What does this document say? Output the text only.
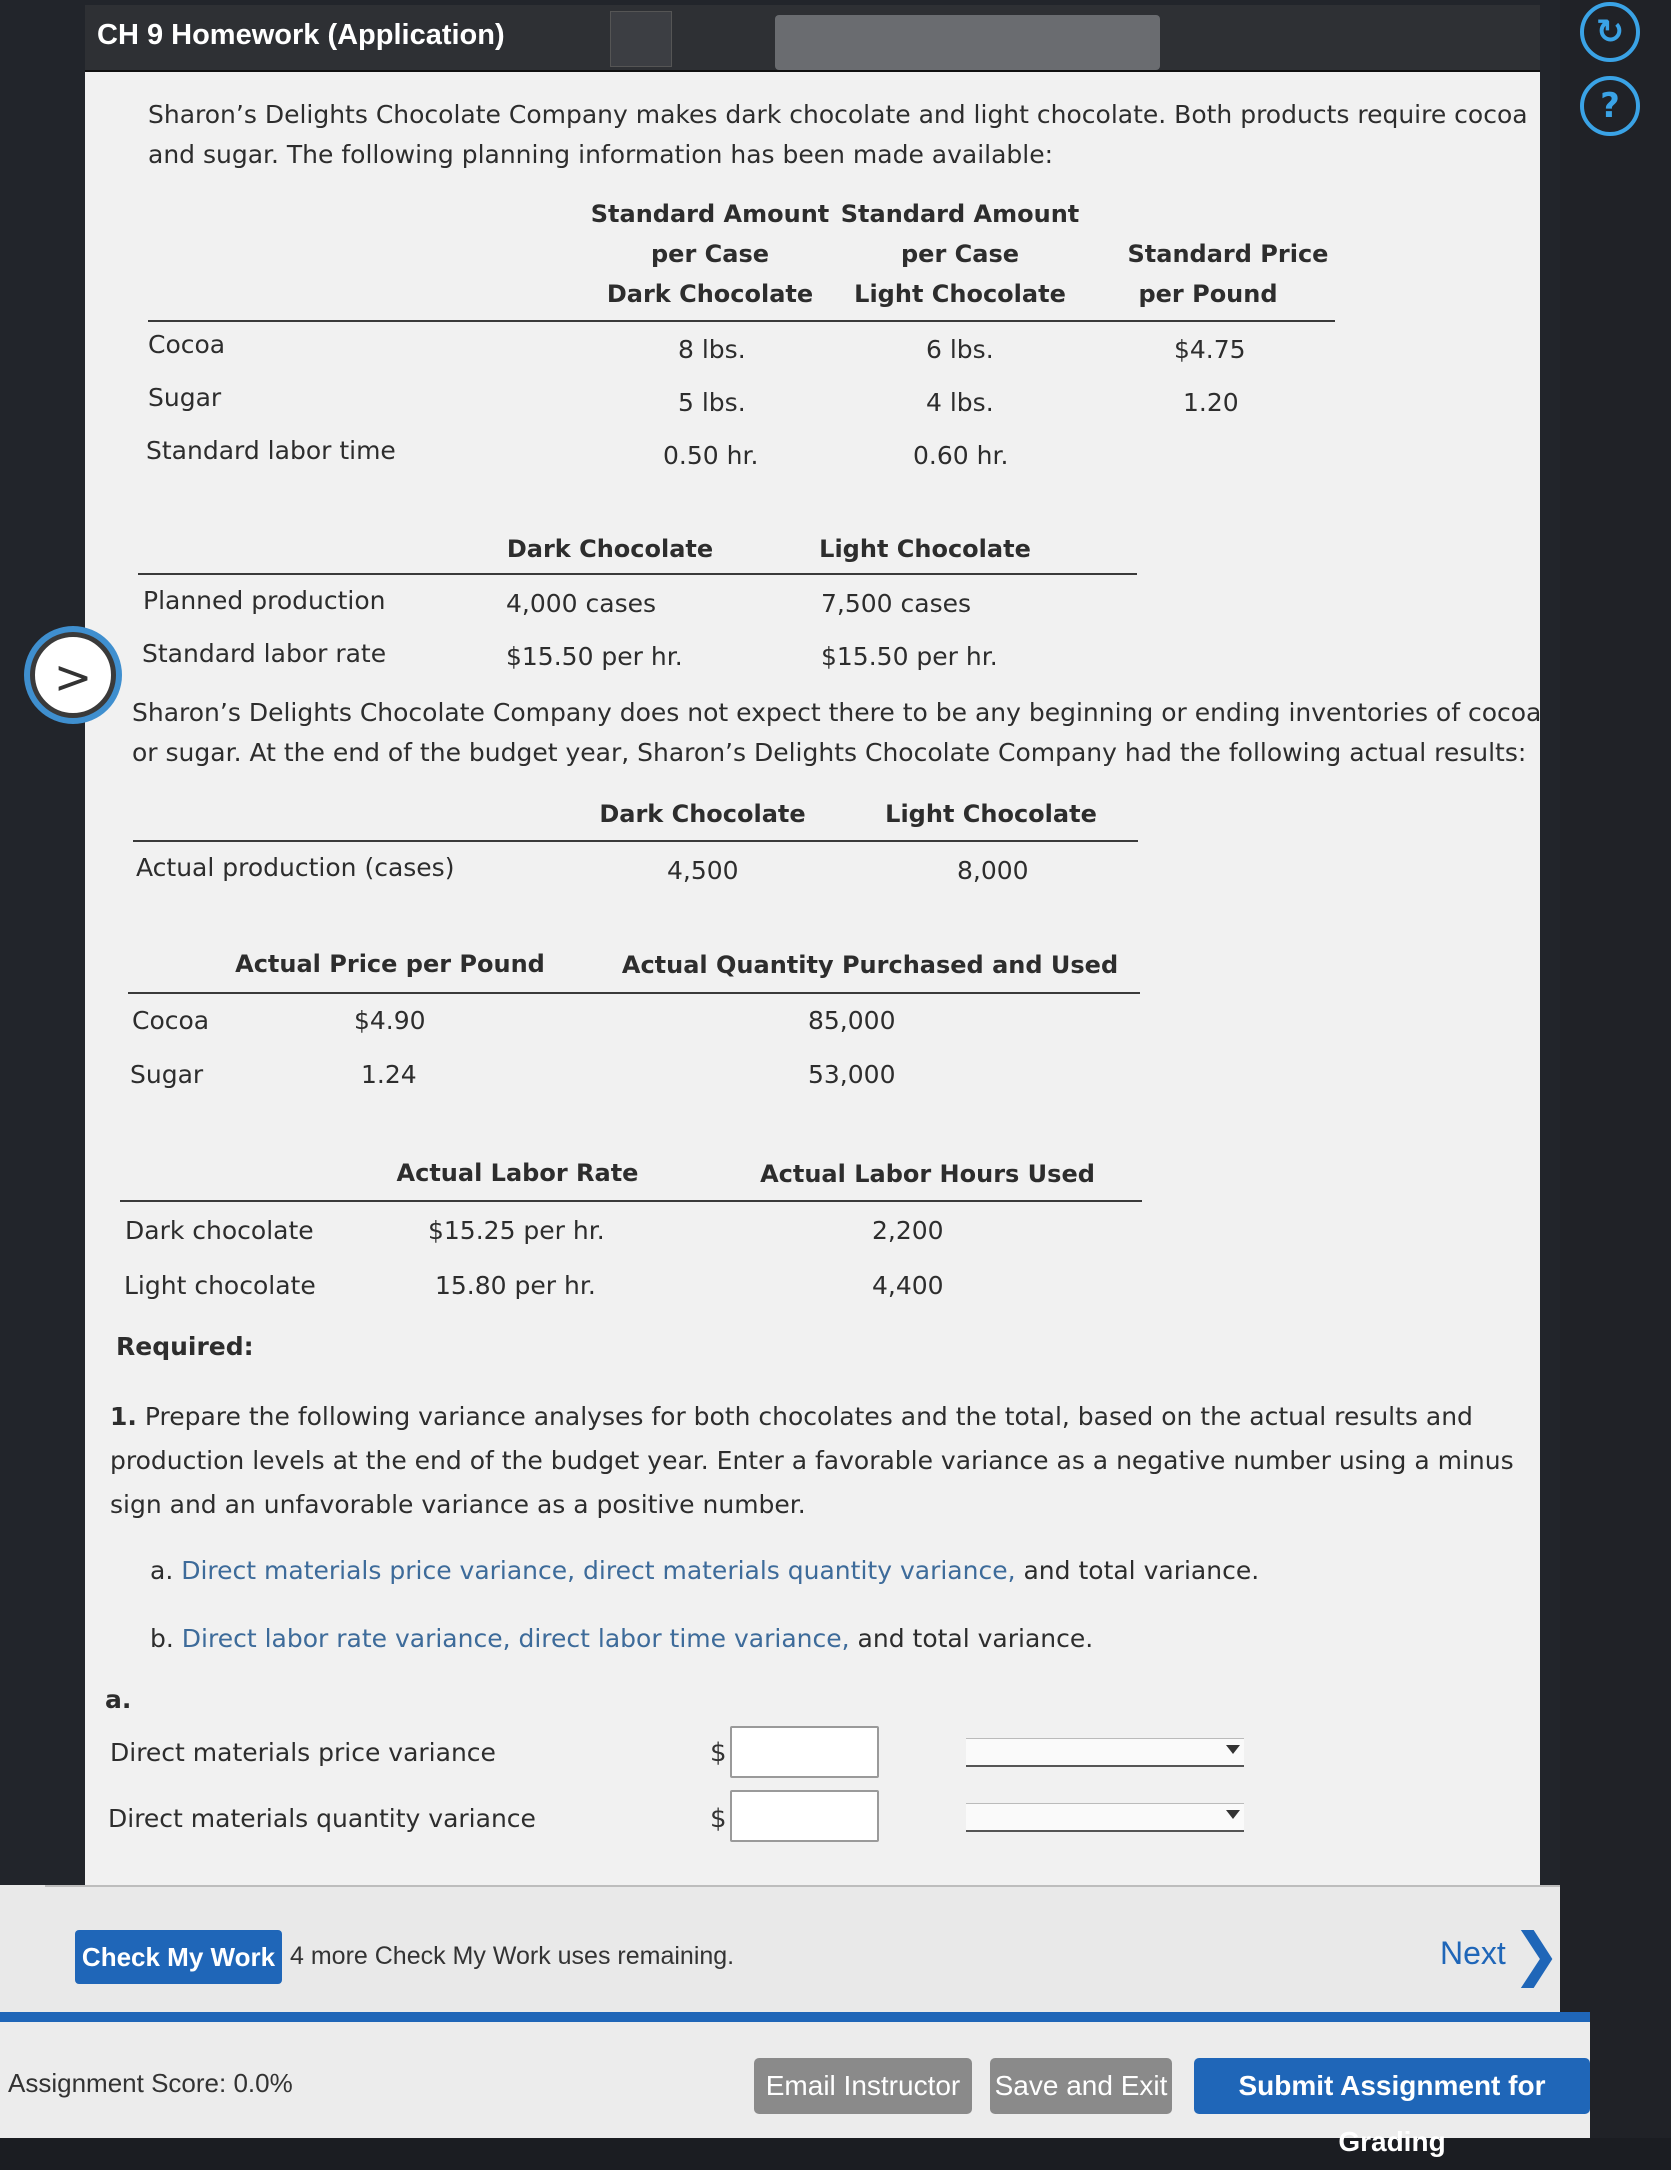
CH 9 Homework (Application)	↻
?
Sharon’s Delights Chocolate Company makes dark chocolate and light chocolate. Both products require cocoa and sugar. The following planning information has been made available:
Standard Amount
per Case
Dark Chocolate
Standard Amount
per Case
Light Chocolate
Standard Price
per Pound
Cocoa	8 lbs.	6 lbs.	$4.75
Sugar	5 lbs.	4 lbs.	1.20
Standard labor time	0.50 hr.	0.60 hr.
Dark Chocolate	Light Chocolate
Planned production	4,000 cases	7,500 cases
Standard labor rate	$15.50 per hr.	$15.50 per hr.
>
Sharon’s Delights Chocolate Company does not expect there to be any beginning or ending inventories of cocoa or sugar. At the end of the budget year, Sharon’s Delights Chocolate Company had the following actual results:
Dark Chocolate	Light Chocolate
Actual production (cases)	4,500	8,000
Actual Price per Pound	Actual Quantity Purchased and Used
Cocoa	$4.90	85,000
Sugar	1.24	53,000
Actual Labor Rate	Actual Labor Hours Used
Dark chocolate	$15.25 per hr.	2,200
Light chocolate	15.80 per hr.	4,400
Required:
1. Prepare the following variance analyses for both chocolates and the total, based on the actual results and production levels at the end of the budget year. Enter a favorable variance as a negative number using a minus sign and an unfavorable variance as a positive number.
a. Direct materials price variance, direct materials quantity variance, and total variance.
b. Direct labor rate variance, direct labor time variance, and total variance.
a.
Direct materials price variance	$
Direct materials quantity variance	$
Check My Work 4 more Check My Work uses remaining.	Next ❯
Assignment Score: 0.0%	Email Instructor	Save and Exit	Submit Assignment for Grading
